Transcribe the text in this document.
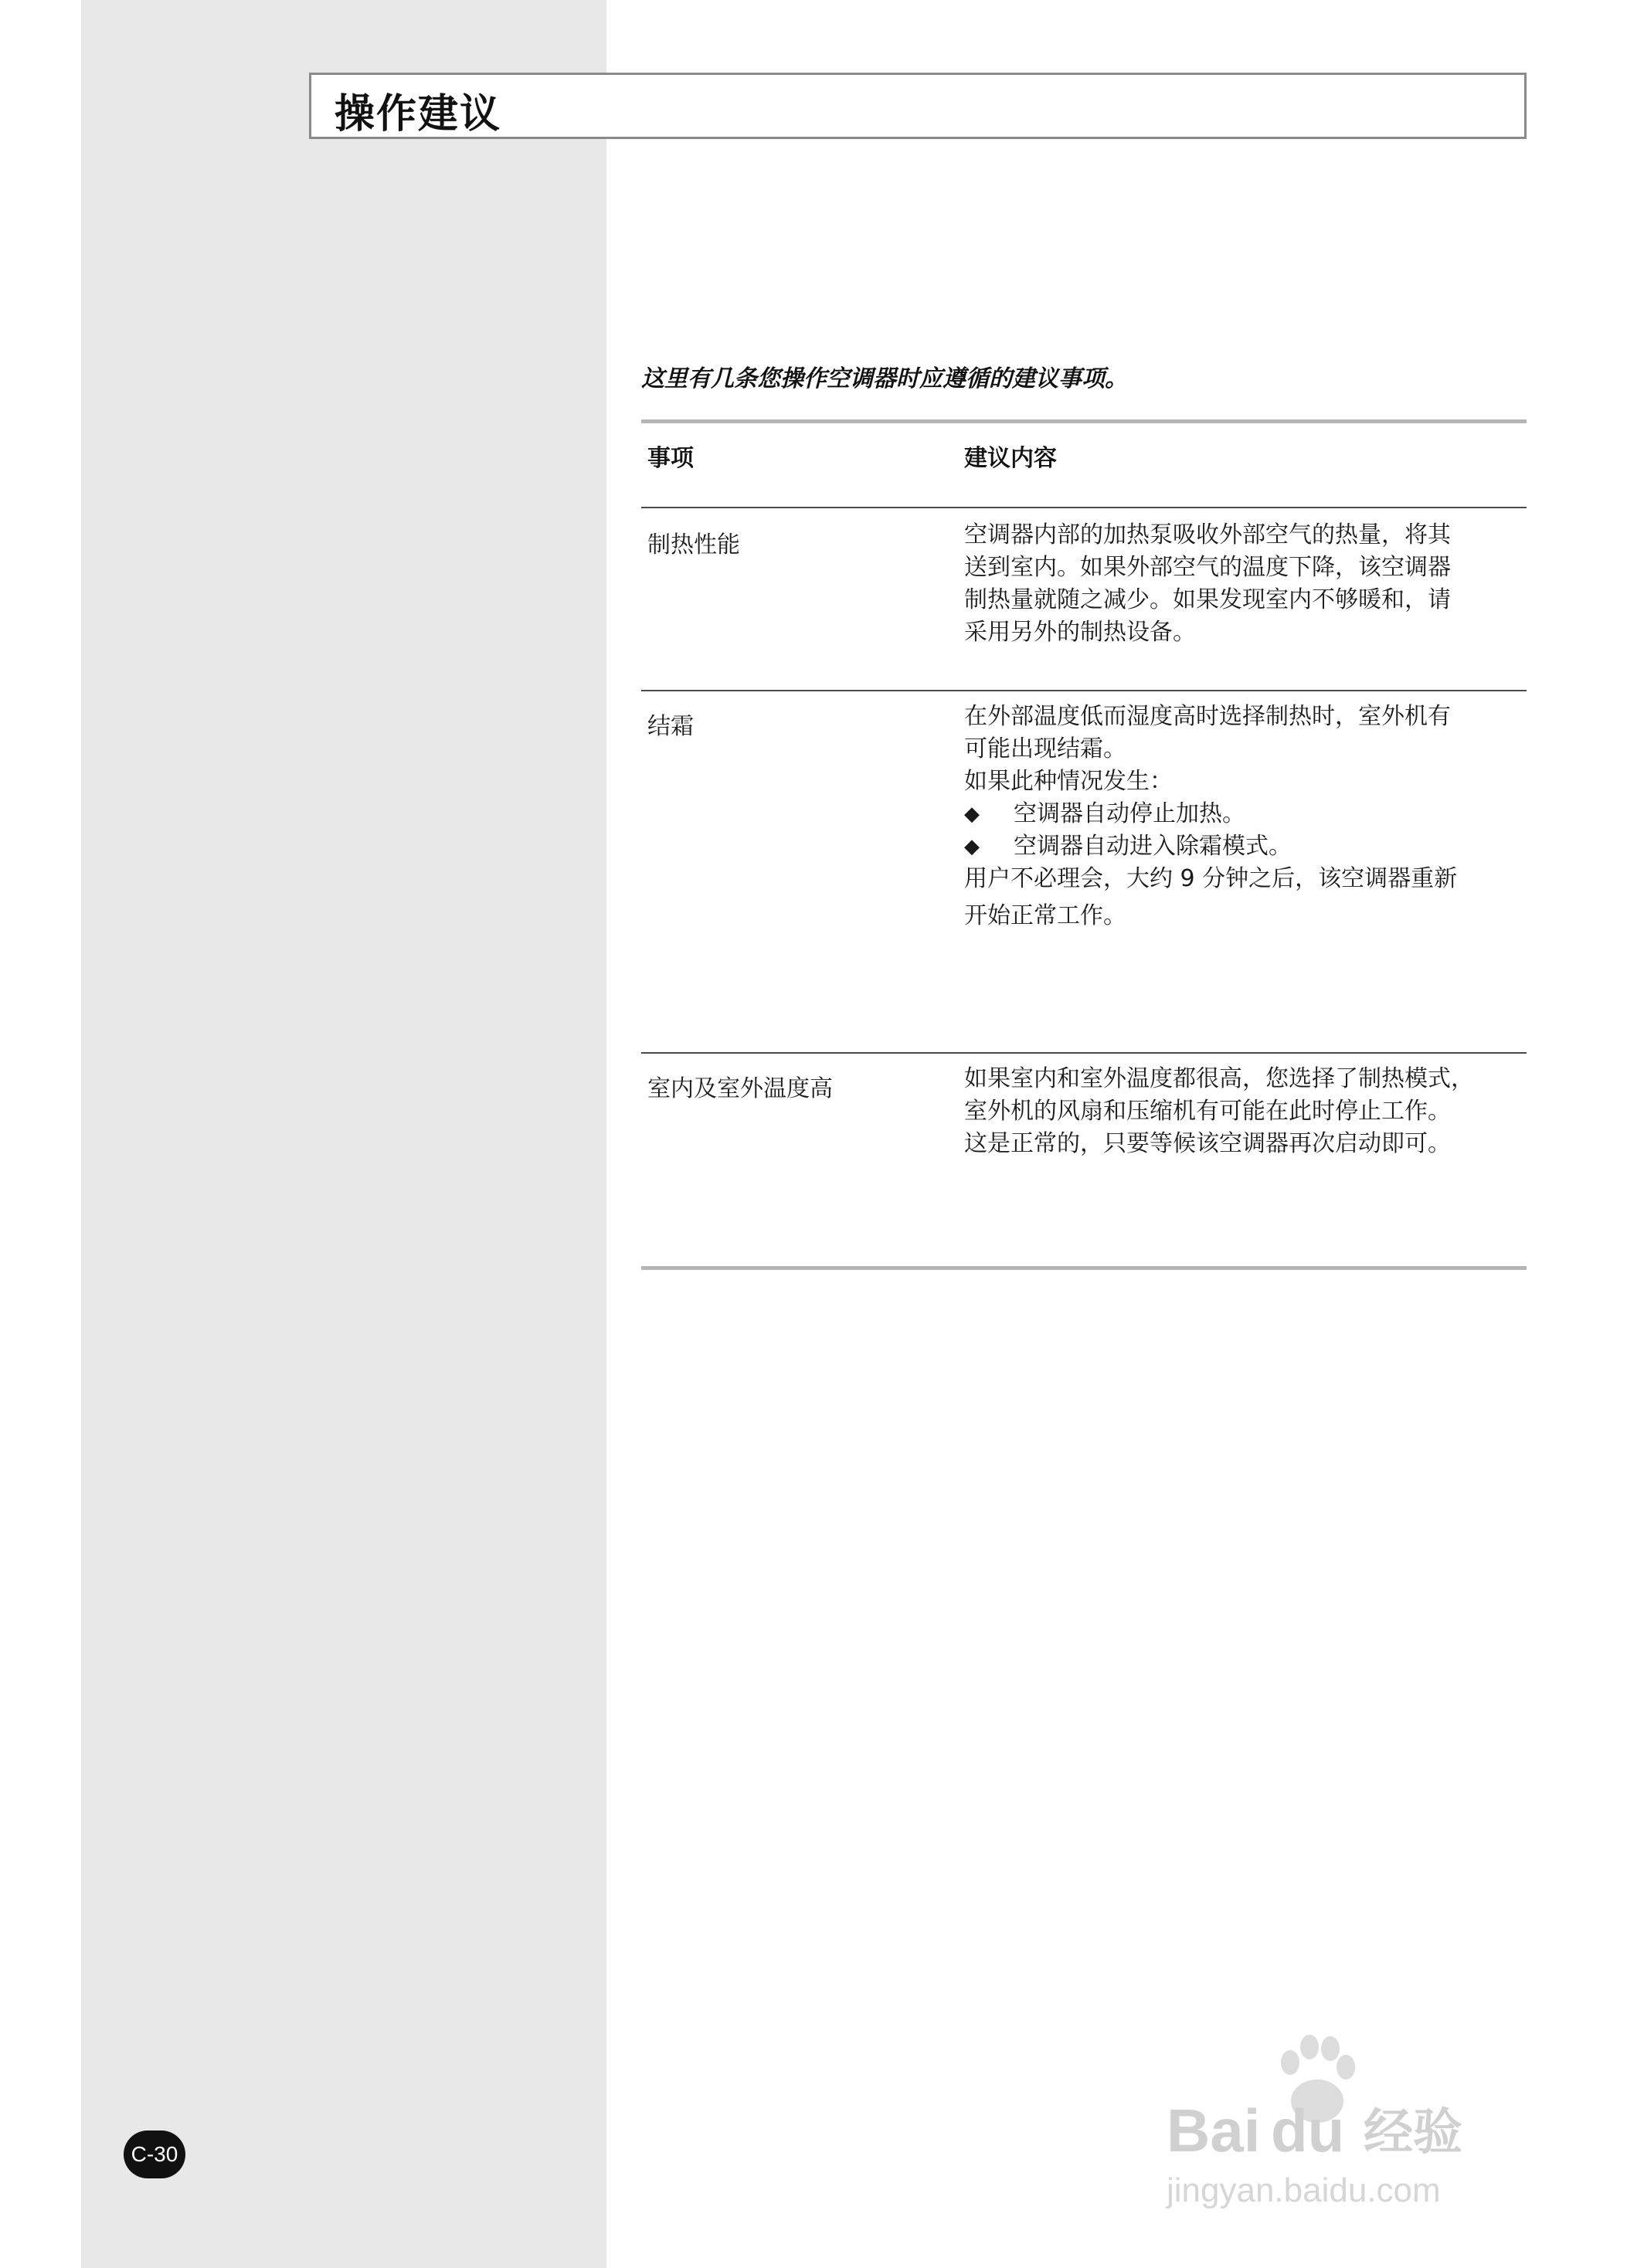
操作建议
这里有几条您操作空调器时应遵循的建议事项。
事项	建议内容
制热性能	空调器内部的加热泵吸收外部空气的热量，将其

送到室内。如果外部空气的温度下降，该空调器

制热量就随之减少。如果发现室内不够暖和，请

采用另外的制热设备。

结霜	在外部温度低而湿度高时选择制热时，室外机有

可能出现结霜。

如果此种情况发生：

◆	空调器自动停止加热。
◆	空调器自动进入除霜模式。

用户不必理会，大约 9 分钟之后，该空调器重新

开始正常工作。

室内及室外温度高	如果室内和室外温度都很高，您选择了制热模式，

室外机的风扇和压缩机有可能在此时停止工作。

这是正常的，只要等候该空调器再次启动即可。

C-30	Bai du 经验
jingyan.baidu.com
